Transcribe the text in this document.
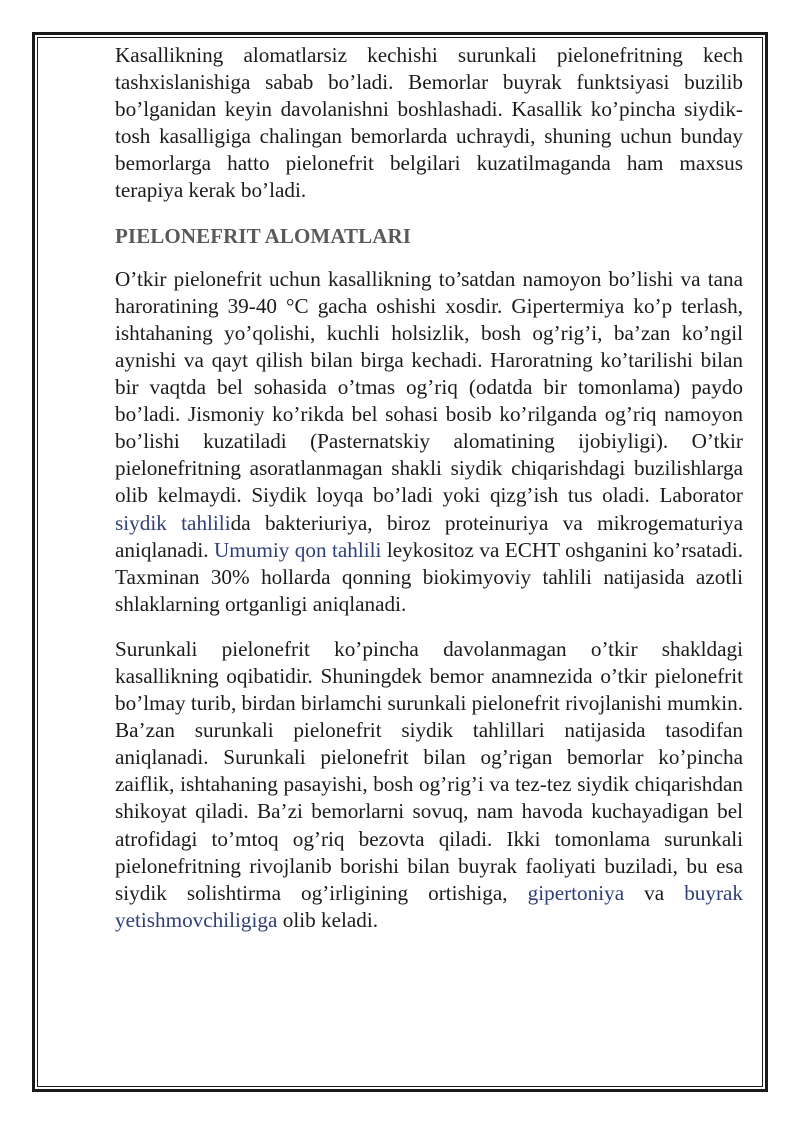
Kasallikning alomatlarsiz kechishi surunkali pielonefritning kech tashxislanishiga sabab bo’ladi. Bemorlar buyrak funktsiyasi buzilib bo’lganidan keyin davolanishni boshlashadi. Kasallik ko’pincha siydik-tosh kasalligiga chalingan bemorlarda uchraydi, shuning uchun bunday bemorlarga hatto pielonefrit belgilari kuzatilmaganda ham maxsus terapiya kerak bo’ladi.

PIELONEFRIT ALOMATLARI

O’tkir pielonefrit uchun kasallikning to’satdan namoyon bo’lishi va tana haroratining 39-40 °C gacha oshishi xosdir. Gipertermiya ko’p terlash, ishtahaning yo’qolishi, kuchli holsizlik, bosh og’rig’i, ba’zan ko’ngil aynishi va qayt qilish bilan birga kechadi. Haroratning ko’tarilishi bilan bir vaqtda bel sohasida o’tmas og’riq (odatda bir tomonlama) paydo bo’ladi. Jismoniy ko’rikda bel sohasi bosib ko’rilganda og’riq namoyon bo’lishi kuzatiladi (Pasternatskiy alomatining ijobiyligi). O’tkir pielonefritning asoratlanmagan shakli siydik chiqarishdagi buzilishlarga olib kelmaydi. Siydik loyqa bo’ladi yoki qizg’ish tus oladi. Laborator siydik tahlilida bakteriuriya, biroz proteinuriya va mikrogematuriya aniqlanadi. Umumiy qon tahlili leykositoz va ECHT oshganini ko’rsatadi. Taxminan 30% hollarda qonning biokimyoviy tahlili natijasida azotli shlaklarning ortganligi aniqlanadi.

Surunkali pielonefrit ko’pincha davolanmagan o’tkir shakldagi kasallikning oqibatidir. Shuningdek bemor anamnezida o’tkir pielonefrit bo’lmay turib, birdan birlamchi surunkali pielonefrit rivojlanishi mumkin. Ba’zan surunkali pielonefrit siydik tahlillari natijasida tasodifan aniqlanadi. Surunkali pielonefrit bilan og’rigan bemorlar ko’pincha zaiflik, ishtahaning pasayishi, bosh og’rig’i va tez-tez siydik chiqarishdan shikoyat qiladi. Ba’zi bemorlarni sovuq, nam havoda kuchayadigan bel atrofidagi to’mtoq og’riq bezovta qiladi. Ikki tomonlama surunkali pielonefritning rivojlanib borishi bilan buyrak faoliyati buziladi, bu esa siydik solishtirma og’irligining ortishiga, gipertoniya va buyrak yetishmovchiligiga olib keladi.
